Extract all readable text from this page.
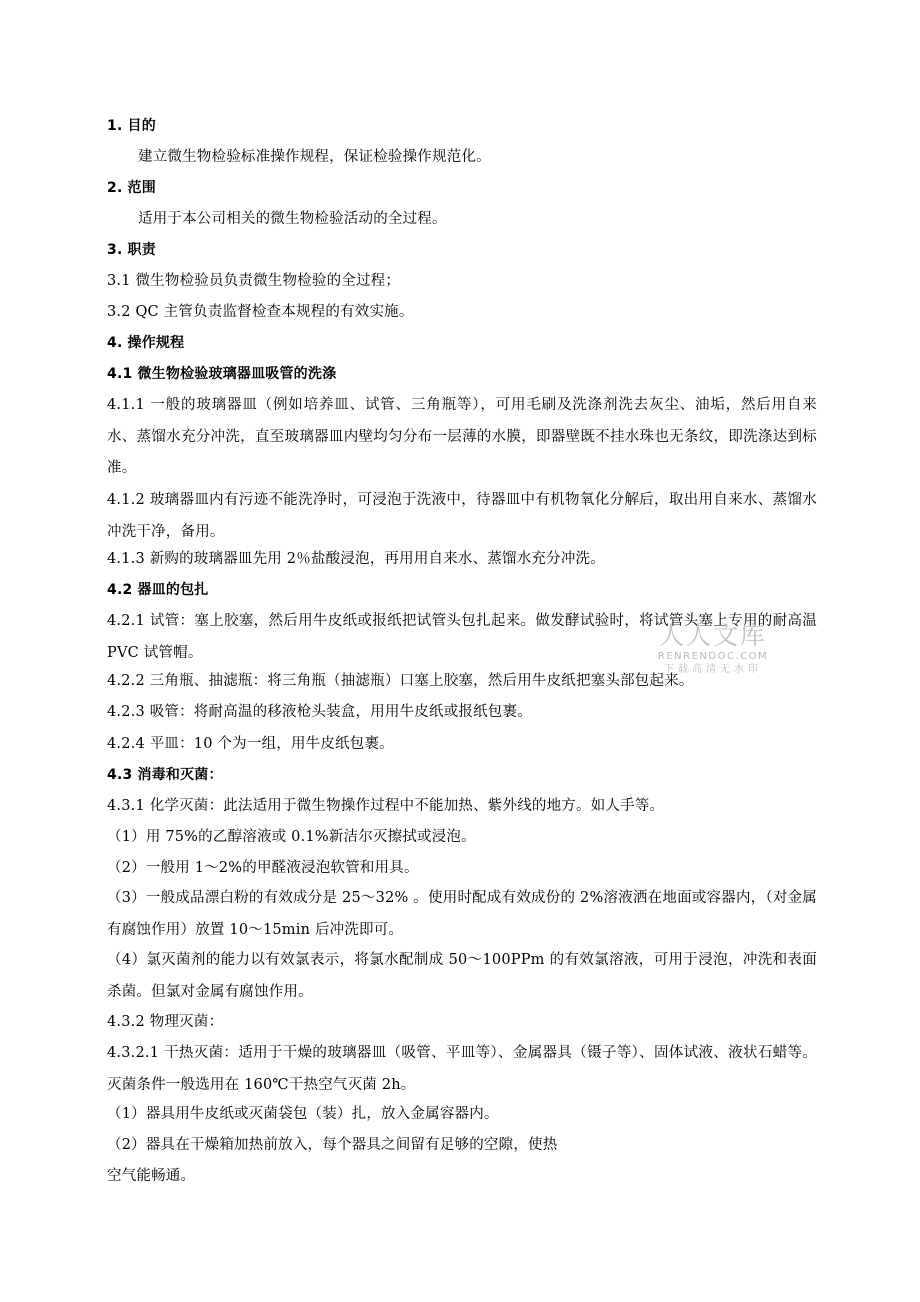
1. 目的
建立微生物检验标准操作规程，保证检验操作规范化。
2. 范围
适用于本公司相关的微生物检验活动的全过程。
3. 职责
3.1 微生物检验员负责微生物检验的全过程；
3.2 QC 主管负责监督检查本规程的有效实施。
4. 操作规程
4.1 微生物检验玻璃器皿吸管的洗涤
4.1.1 一般的玻璃器皿（例如培养皿、试管、三角瓶等），可用毛刷及洗涤剂洗去灰尘、油垢，然后用自来水、蒸馏水充分冲洗，直至玻璃器皿内壁均匀分布一层薄的水膜，即器壁既不挂水珠也无条纹，即洗涤达到标准。
4.1.2 玻璃器皿内有污迹不能洗净时，可浸泡于洗液中，待器皿中有机物氧化分解后，取出用自来水、蒸馏水冲洗干净，备用。
4.1.3 新购的玻璃器皿先用 2％盐酸浸泡，再用用自来水、蒸馏水充分冲洗。
4.2 器皿的包扎
4.2.1 试管：塞上胶塞，然后用牛皮纸或报纸把试管头包扎起来。做发酵试验时，将试管头塞上专用的耐高温 PVC 试管帽。
4.2.2 三角瓶、抽滤瓶：将三角瓶（抽滤瓶）口塞上胶塞，然后用牛皮纸把塞头部包起来。
4.2.3 吸管：将耐高温的移液枪头装盒，用用牛皮纸或报纸包裹。
4.2.4 平皿：10 个为一组，用牛皮纸包裹。
4.3 消毒和灭菌：
4.3.1 化学灭菌：此法适用于微生物操作过程中不能加热、紫外线的地方。如人手等。
（1）用 75%的乙醇溶液或 0.1%新洁尔灭擦拭或浸泡。
（2）一般用 1～2%的甲醛液浸泡软管和用具。
（3）一般成品漂白粉的有效成分是 25～32% 。使用时配成有效成份的 2%溶液洒在地面或容器内，（对金属有腐蚀作用）放置 10～15min 后冲洗即可。
（4）氯灭菌剂的能力以有效氯表示，将氯水配制成 50～100PPm 的有效氯溶液，可用于浸泡，冲洗和表面杀菌。但氯对金属有腐蚀作用。
4.3.2 物理灭菌：
4.3.2.1 干热灭菌：适用于干燥的玻璃器皿（吸管、平皿等）、金属器具（镊子等）、固体试液、液状石蜡等。灭菌条件一般选用在 160℃干热空气灭菌 2h。
（1）器具用牛皮纸或灭菌袋包（装）扎，放入金属容器内。
（2）器具在干燥箱加热前放入，每个器具之间留有足够的空隙，使热
空气能畅通。
人人文库
RENRENDOC.COM
下载高清无水印
